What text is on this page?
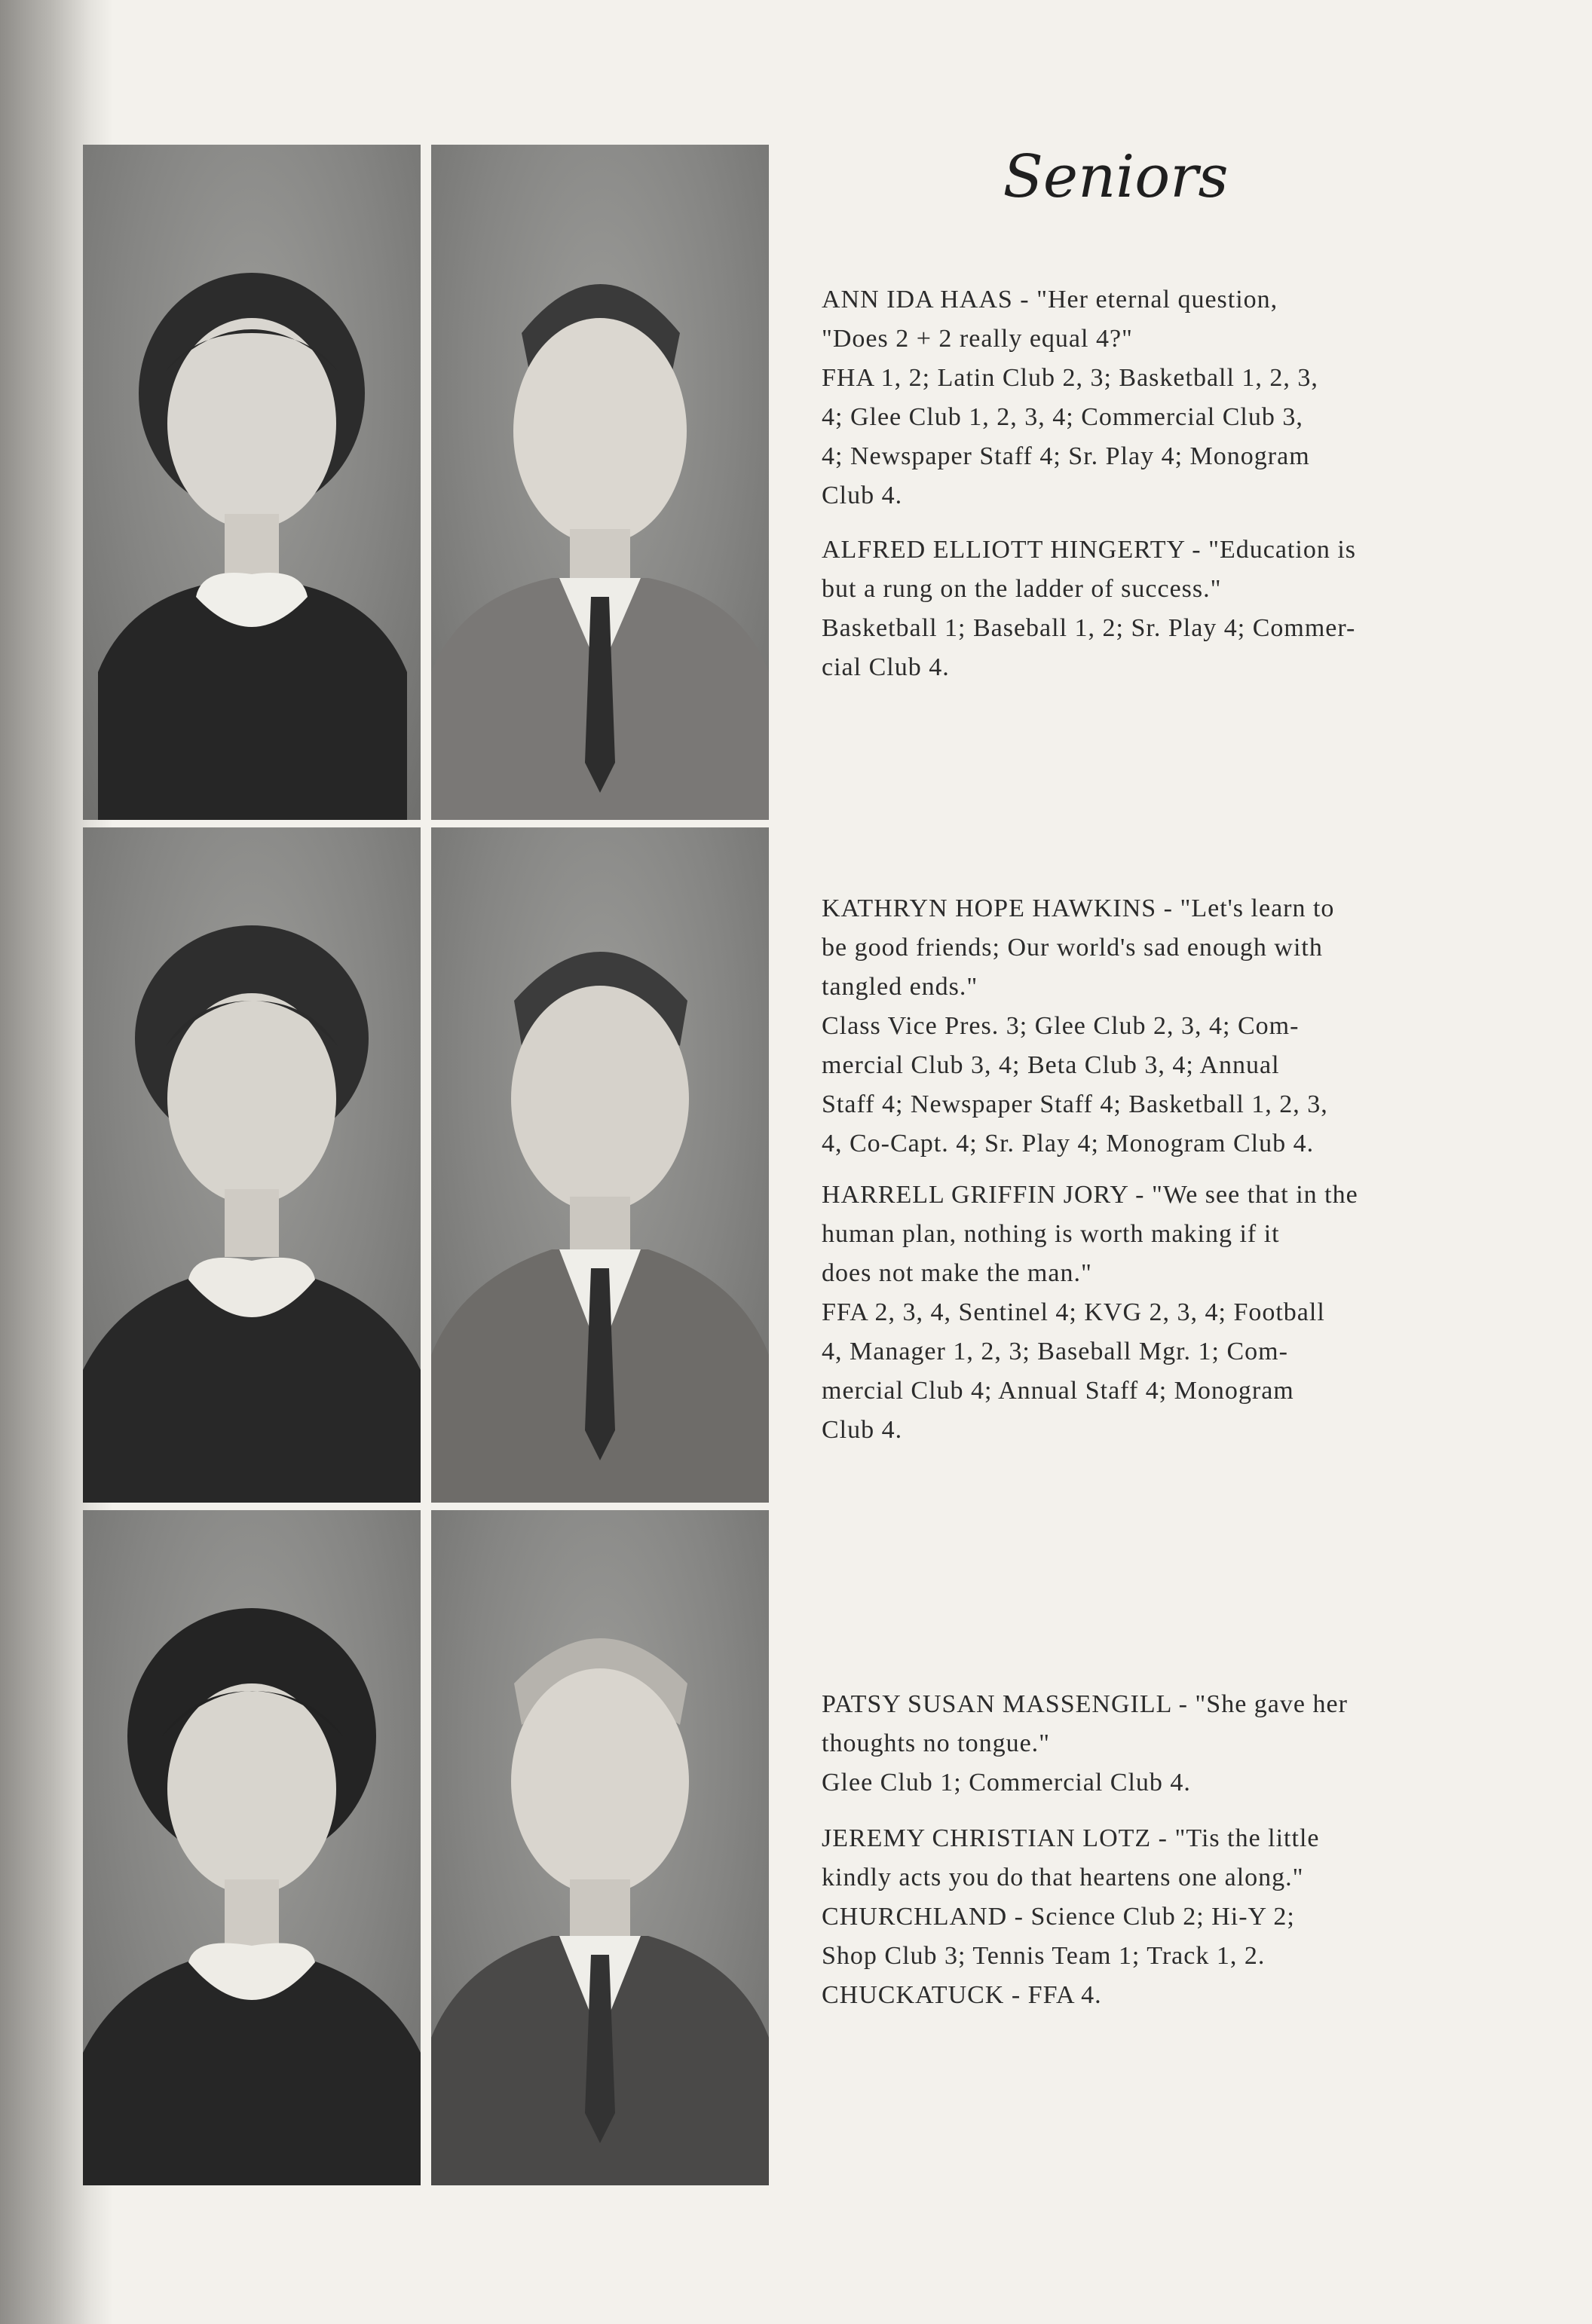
Seniors
ANN IDA HAAS - "Her eternal question,
"Does 2 + 2 really equal 4?"
FHA 1, 2; Latin Club 2, 3; Basketball 1, 2, 3,
4; Glee Club 1, 2, 3, 4; Commercial Club 3,
4; Newspaper Staff 4; Sr. Play 4; Monogram
Club 4.
ALFRED ELLIOTT HINGERTY - "Education is
but a rung on the ladder of success."
Basketball 1; Baseball 1, 2; Sr. Play 4; Commer-
cial Club 4.
KATHRYN HOPE HAWKINS - "Let's learn to
be good friends; Our world's sad enough with
tangled ends."
Class Vice Pres. 3; Glee Club 2, 3, 4; Com-
mercial Club 3, 4; Beta Club 3, 4; Annual
Staff 4; Newspaper Staff 4; Basketball 1, 2, 3,
4, Co-Capt. 4; Sr. Play 4; Monogram Club 4.
HARRELL GRIFFIN JORY - "We see that in the
human plan, nothing is worth making if it
does not make the man."
FFA 2, 3, 4, Sentinel 4; KVG 2, 3, 4; Football
4, Manager 1, 2, 3; Baseball Mgr. 1; Com-
mercial Club 4; Annual Staff 4; Monogram
Club 4.
PATSY SUSAN MASSENGILL - "She gave her
thoughts no tongue."
Glee Club 1; Commercial Club 4.
JEREMY CHRISTIAN LOTZ - "Tis the little
kindly acts you do that heartens one along."
CHURCHLAND - Science Club 2; Hi-Y 2;
Shop Club 3; Tennis Team 1; Track 1, 2.
CHUCKATUCK - FFA 4.
